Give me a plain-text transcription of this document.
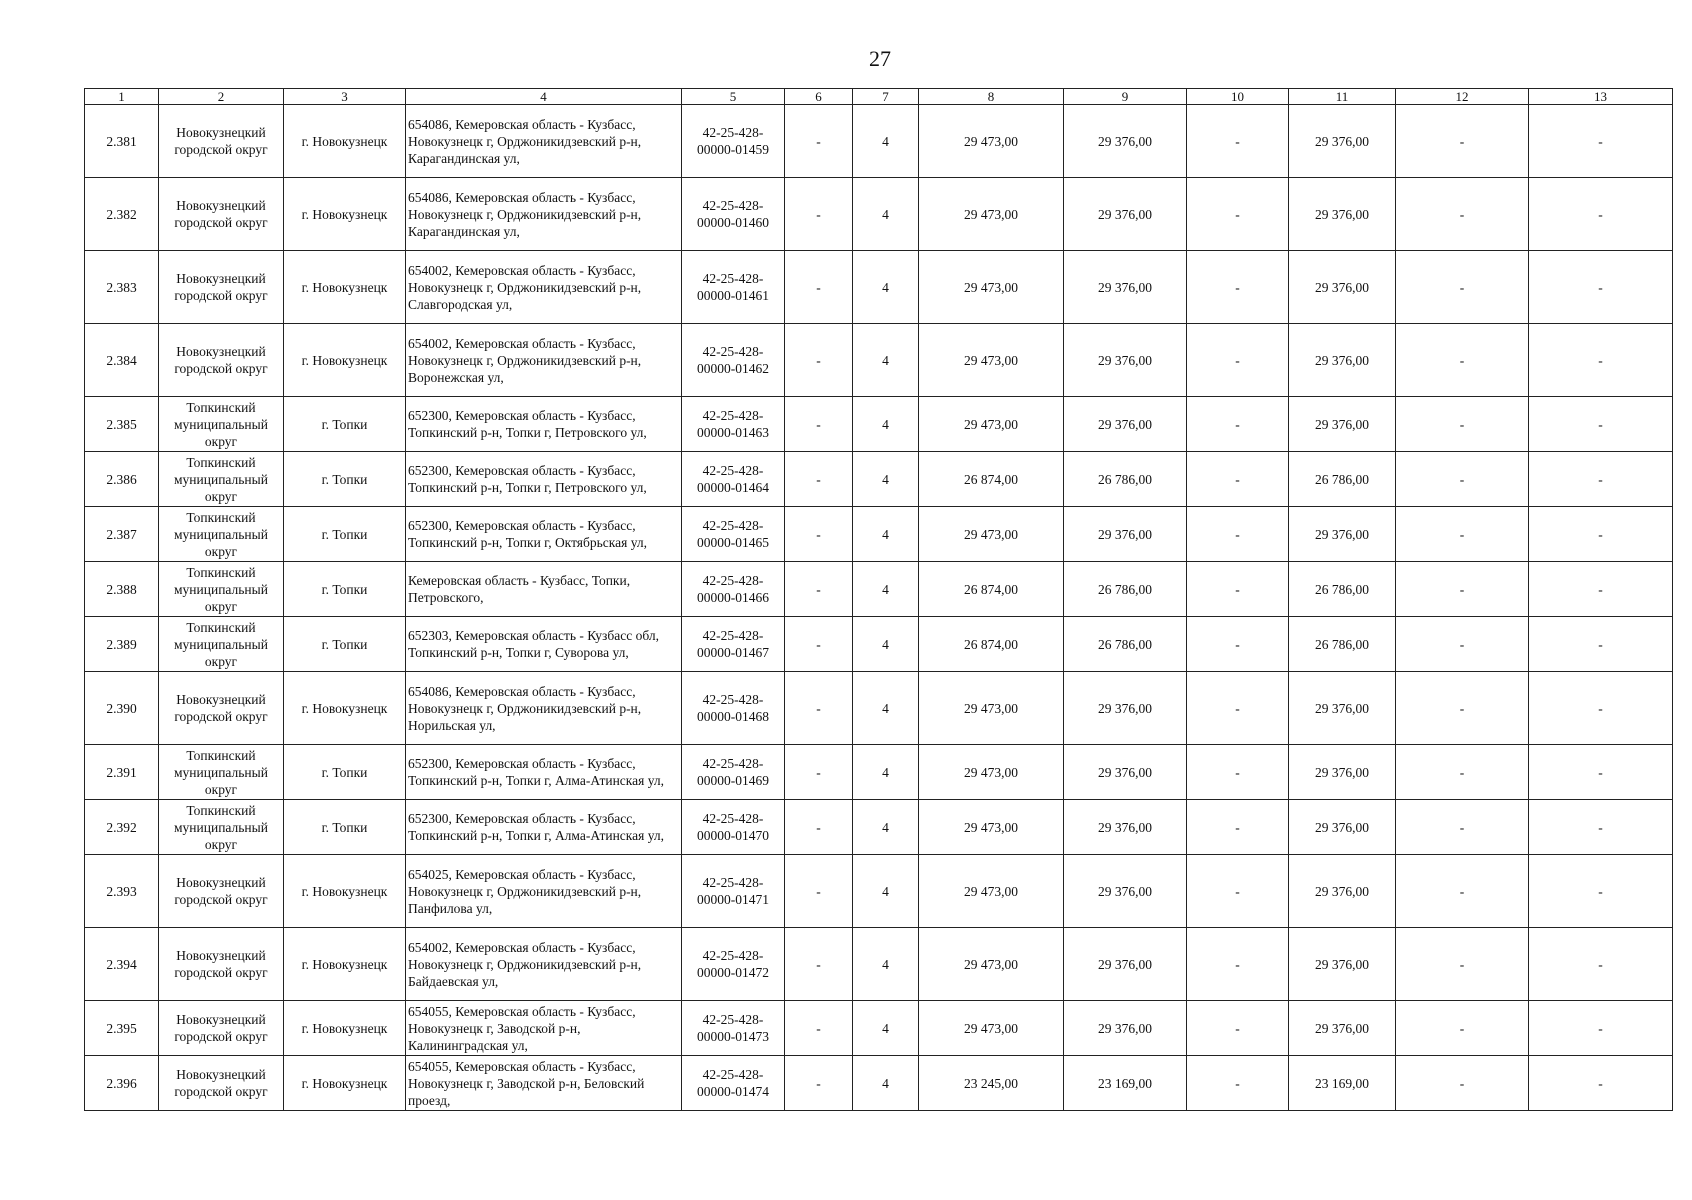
27
1	2	3	4	5	6	7	8	9	10	11	12	13
2.381	Новокузнецкий городской округ	г. Новокузнецк	654086, Кемеровская область - Кузбасс, Новокузнецк г, Орджоникидзевский р-н, Карагандинская ул,	42-25-428-00000-01459	-	4	29 473,00	29 376,00	-	29 376,00	-	-
2.382	Новокузнецкий городской округ	г. Новокузнецк	654086, Кемеровская область - Кузбасс, Новокузнецк г, Орджоникидзевский р-н, Карагандинская ул,	42-25-428-00000-01460	-	4	29 473,00	29 376,00	-	29 376,00	-	-
2.383	Новокузнецкий городской округ	г. Новокузнецк	654002, Кемеровская область - Кузбасс, Новокузнецк г, Орджоникидзевский р-н, Славгородская ул,	42-25-428-00000-01461	-	4	29 473,00	29 376,00	-	29 376,00	-	-
2.384	Новокузнецкий городской округ	г. Новокузнецк	654002, Кемеровская область - Кузбасс, Новокузнецк г, Орджоникидзевский р-н, Воронежская ул,	42-25-428-00000-01462	-	4	29 473,00	29 376,00	-	29 376,00	-	-
2.385	Топкинский муниципальный округ	г. Топки	652300, Кемеровская область - Кузбасс, Топкинский р-н, Топки г, Петровского ул,	42-25-428-00000-01463	-	4	29 473,00	29 376,00	-	29 376,00	-	-
2.386	Топкинский муниципальный округ	г. Топки	652300, Кемеровская область - Кузбасс, Топкинский р-н, Топки г, Петровского ул,	42-25-428-00000-01464	-	4	26 874,00	26 786,00	-	26 786,00	-	-
2.387	Топкинский муниципальный округ	г. Топки	652300, Кемеровская область - Кузбасс, Топкинский р-н, Топки г, Октябрьская ул,	42-25-428-00000-01465	-	4	29 473,00	29 376,00	-	29 376,00	-	-
2.388	Топкинский муниципальный округ	г. Топки	Кемеровская область - Кузбасс, Топки, Петровского,	42-25-428-00000-01466	-	4	26 874,00	26 786,00	-	26 786,00	-	-
2.389	Топкинский муниципальный округ	г. Топки	652303, Кемеровская область - Кузбасс обл, Топкинский р-н, Топки г, Суворова ул,	42-25-428-00000-01467	-	4	26 874,00	26 786,00	-	26 786,00	-	-
2.390	Новокузнецкий городской округ	г. Новокузнецк	654086, Кемеровская область - Кузбасс, Новокузнецк г, Орджоникидзевский р-н, Норильская ул,	42-25-428-00000-01468	-	4	29 473,00	29 376,00	-	29 376,00	-	-
2.391	Топкинский муниципальный округ	г. Топки	652300, Кемеровская область - Кузбасс, Топкинский р-н, Топки г, Алма-Атинская ул,	42-25-428-00000-01469	-	4	29 473,00	29 376,00	-	29 376,00	-	-
2.392	Топкинский муниципальный округ	г. Топки	652300, Кемеровская область - Кузбасс, Топкинский р-н, Топки г, Алма-Атинская ул,	42-25-428-00000-01470	-	4	29 473,00	29 376,00	-	29 376,00	-	-
2.393	Новокузнецкий городской округ	г. Новокузнецк	654025, Кемеровская область - Кузбасс, Новокузнецк г, Орджоникидзевский р-н, Панфилова ул,	42-25-428-00000-01471	-	4	29 473,00	29 376,00	-	29 376,00	-	-
2.394	Новокузнецкий городской округ	г. Новокузнецк	654002, Кемеровская область - Кузбасс, Новокузнецк г, Орджоникидзевский р-н, Байдаевская ул,	42-25-428-00000-01472	-	4	29 473,00	29 376,00	-	29 376,00	-	-
2.395	Новокузнецкий городской округ	г. Новокузнецк	654055, Кемеровская область - Кузбасс, Новокузнецк г, Заводской р-н, Калининградская ул,	42-25-428-00000-01473	-	4	29 473,00	29 376,00	-	29 376,00	-	-
2.396	Новокузнецкий городской округ	г. Новокузнецк	654055, Кемеровская область - Кузбасс, Новокузнецк г, Заводской р-н, Беловский проезд,	42-25-428-00000-01474	-	4	23 245,00	23 169,00	-	23 169,00	-	-
